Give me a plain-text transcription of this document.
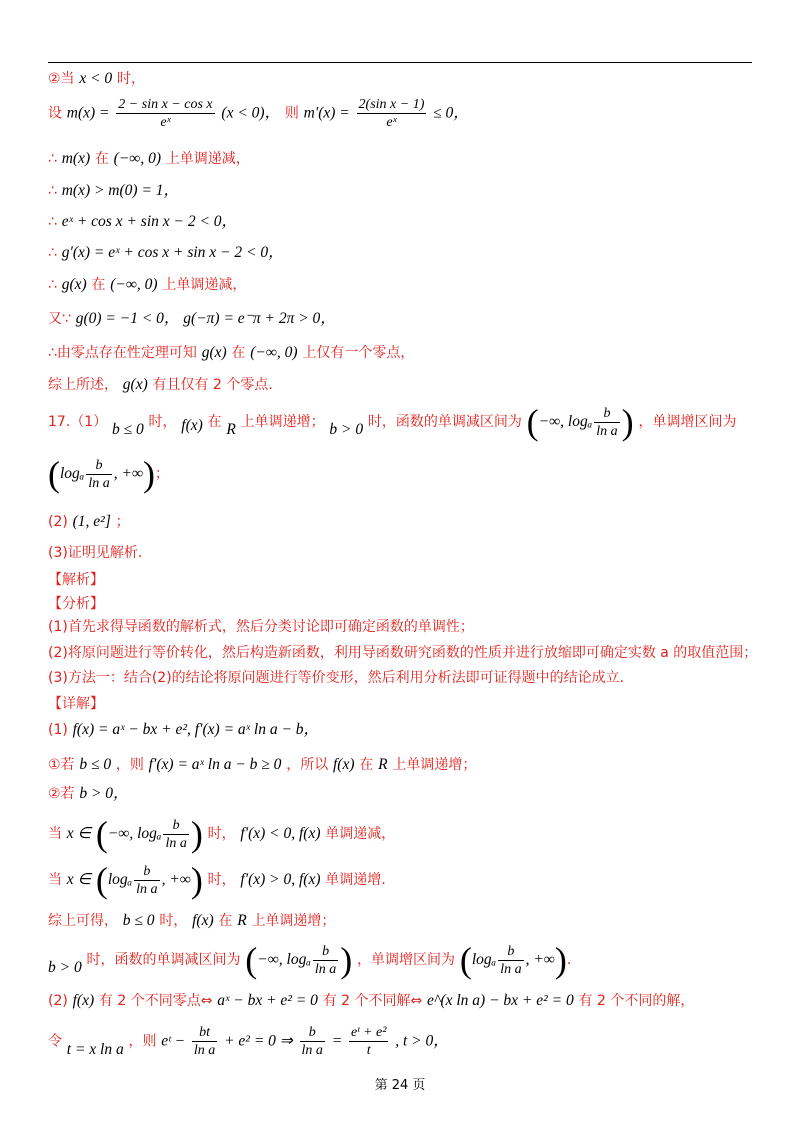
②当 x < 0 时，
设 $m(x) = \frac{\text{2 − sin x − cos x}}{\text{eˣ}} (x < 0)$， 则 $m'(x) = \frac{\text{2(sin x − 1)}}{\text{eˣ}} \le 0$，
∴ m(x) 在 (−∞, 0) 上单调递减，
∴ m(x) > m(0) = 1，
∴ eˣ + cos x + sin x − 2 < 0，
∴ g′(x) = eˣ + cos x + sin x − 2 < 0，
∴ g(x) 在 (−∞, 0) 上单调递减，
又∵ g(0) = −1 < 0， g(−π) = e⁻π + 2π > 0，
∴由零点存在性定理可知 g(x) 在 (−∞, 0) 上仅有一个零点，
综上所述， g(x) 有且仅有 2 个零点.
17.（1） b ≤ 0 时， f(x) 在 R 上单调递增； b > 0 时，函数的单调减区间为 (−∞, logₐ $\frac{b}{\text{ln a}}$ ) ，单调增区间为
($\log_a \frac{b}{\text{ln a}}$ , +∞)；
(2) (1, e²] ；
(3)证明见解析.
【解析】
【分析】
(1)首先求得导函数的解析式，然后分类讨论即可确定函数的单调性；
(2)将原问题进行等价转化，然后构造新函数，利用导函数研究函数的性质并进行放缩即可确定实数 a 的取值范围；
(3)方法一：结合(2)的结论将原问题进行等价变形，然后利用分析法即可证得题中的结论成立.
【详解】
(1) f(x) = aˣ − bx + e², f′(x) = aˣ ln a − b，
①若 b ≤ 0 ，则 f′(x) = aˣ ln a − b ≥ 0 ，所以 f(x) 在 R 上单调递增；
②若 b > 0，
当 x ∈ (−∞, logₐ $\frac{b}{\text{ln a}}$ ) 时， f′(x) < 0, f(x) 单调递减，
当 x ∈ ($\log_a \frac{b}{\text{ln a}}$ , +∞) 时， f′(x) > 0, f(x) 单调递增.
综上可得， b ≤ 0 时， f(x) 在 R 上单调递增；
b > 0 时，函数的单调减区间为 (−∞, logₐ $\frac{b}{\text{ln a}}$ ) ，单调增区间为 ($\log_a \frac{b}{\text{ln a}}$ , +∞).
(2) f(x) 有 2 个不同零点⇔ aˣ − bx + e² = 0 有 2 个不同解⇔ e^(x ln a) − bx + e² = 0 有 2 个不同的解，
令 t = x ln a ，则 eᵗ − $\frac{bt}{\text{ln a}} + e^2 = 0$ ⇒ $\frac{b}{\text{ln a}} = \frac{\text{eᵗ + e²}}{t}$ , t > 0，
第 24 页
